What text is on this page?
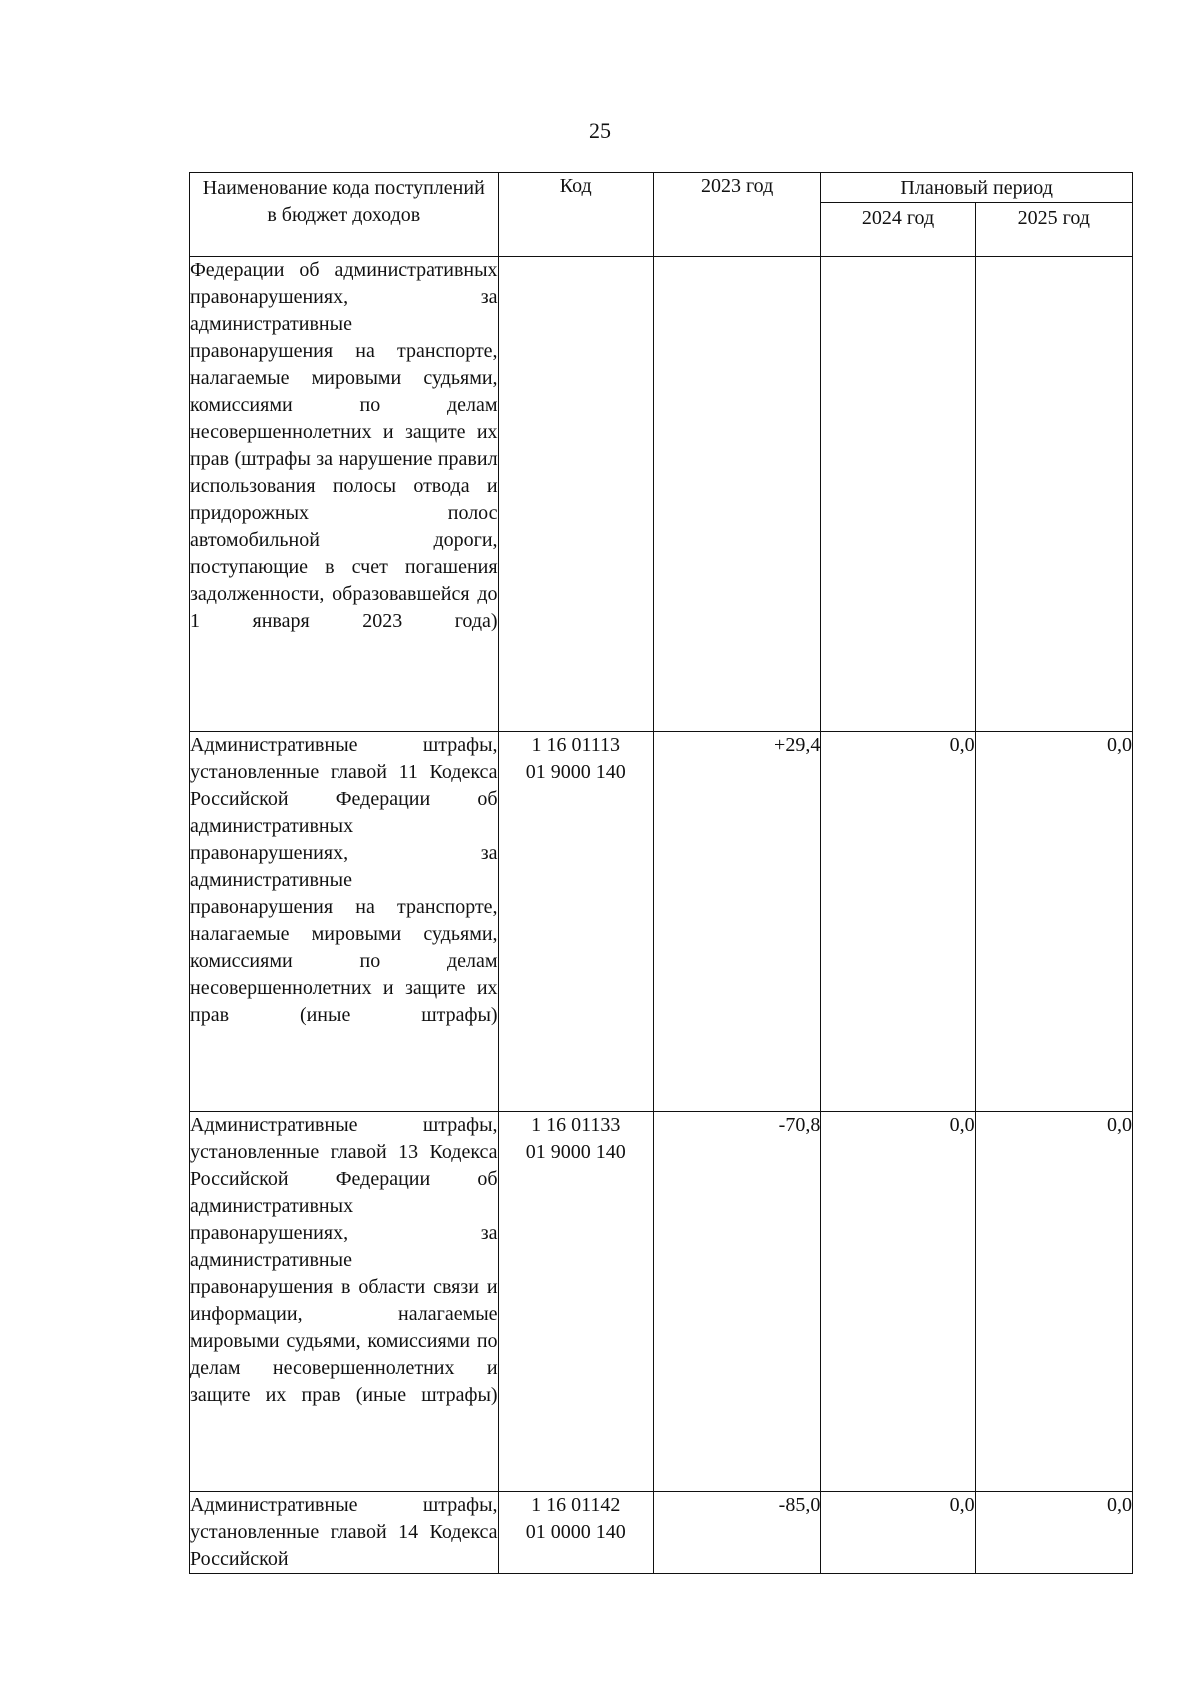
25
Наименование кода поступлений в бюджет доходов	Код	2023 год	Плановый период	
			2024 год	2025 год

Федерации об административных правонарушениях, за административные правонарушения на транспорте, налагаемые мировыми судьями, комиссиями по делам несовершеннолетних и защите их прав (штрафы за нарушение правил использования полосы отвода и придорожных полос автомобильной дороги, поступающие в счет погашения задолженности, образовавшейся до 1 января 2023 года)				

Административные штрафы, установленные главой 11 Кодекса Российской Федерации об административных правонарушениях, за административные правонарушения на транспорте, налагаемые мировыми судьями, комиссиями по делам несовершеннолетних и защите их прав (иные штрафы)	1 16 01113
01 9000 140	+29,4	0,0	0,0

Административные штрафы, установленные главой 13 Кодекса Российской Федерации об административных правонарушениях, за административные правонарушения в области связи и информации, налагаемые мировыми судьями, комиссиями по делам несовершеннолетних и защите их прав (иные штрафы)	1 16 01133
01 9000 140	-70,8	0,0	0,0

Административные штрафы, установленные главой 14 Кодекса Российской	1 16 01142
01 0000 140	-85,0	0,0	0,0
